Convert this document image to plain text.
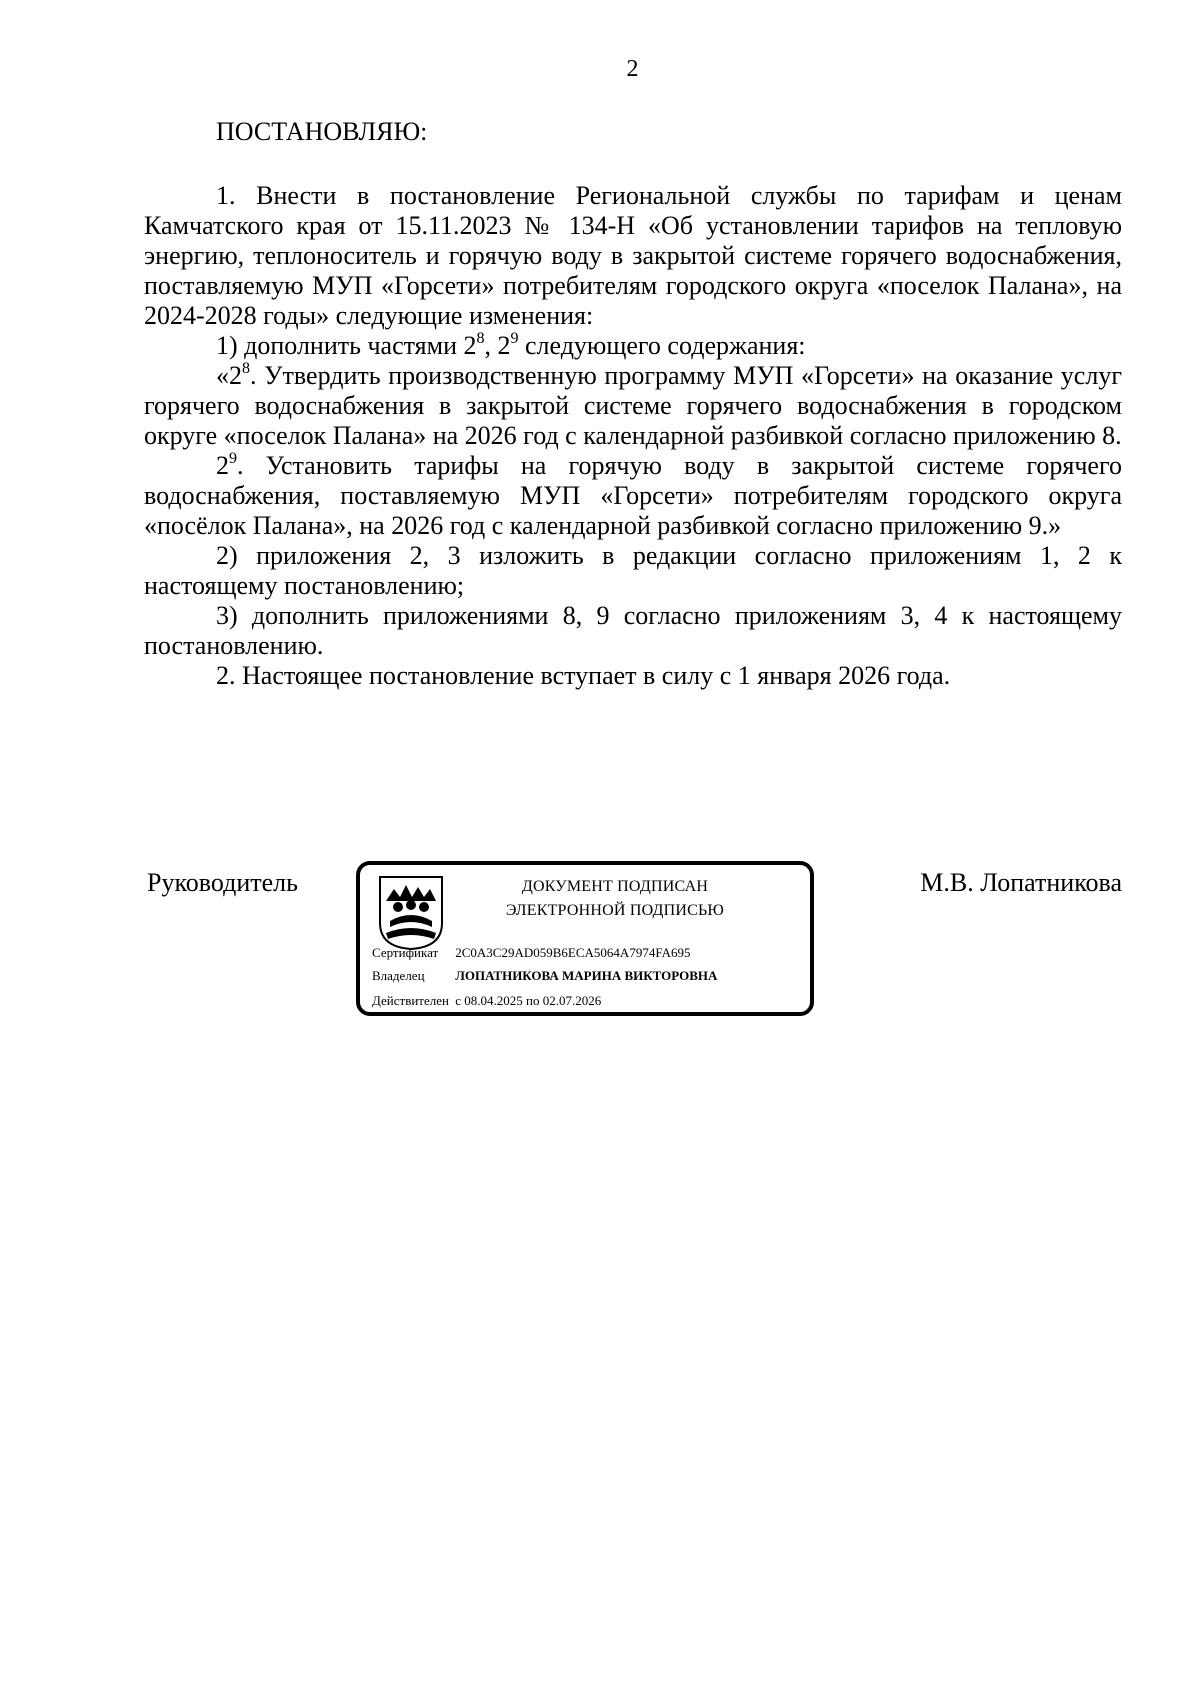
2
ПОСТАНОВЛЯЮ:

1. Внести в постановление Региональной службы по тарифам и ценам Камчатского края от 15.11.2023 № 134-Н «Об установлении тарифов на тепловую энергию, теплоноситель и горячую воду в закрытой системе горячего водоснабжения, поставляемую МУП «Горсети» потребителям городского округа «поселок Палана», на 2024-2028 годы» следующие изменения:

1) дополнить частями $2^8$, $2^9$ следующего содержания:

«$2^8$. Утвердить производственную программу МУП «Горсети» на оказание услуг горячего водоснабжения в закрытой системе горячего водоснабжения в городском округе «поселок Палана» на 2026 год с календарной разбивкой согласно приложению 8.

$2^9$. Установить тарифы на горячую воду в закрытой системе горячего водоснабжения, поставляемую МУП «Горсети» потребителям городского округа «посёлок Палана», на 2026 год с календарной разбивкой согласно приложению 9.»

2) приложения 2, 3 изложить в редакции согласно приложениям 1, 2 к настоящему постановлению;

3) дополнить приложениями 8, 9 согласно приложениям 3, 4 к настоящему постановлению.

2. Настоящее постановление вступает в силу с 1 января 2026 года.

Руководитель	ДОКУМЕНТ ПОДПИСАН
ЭЛЕКТРОННОЙ ПОДПИСЬЮ
Сертификат 2C0A3C29AD059B6ECA5064A7974FA695
Владелец ЛОПАТНИКОВА МАРИНА ВИКТОРОВНА
Действителен с 08.04.2025 по 02.07.2026
М.В. Лопатникова
